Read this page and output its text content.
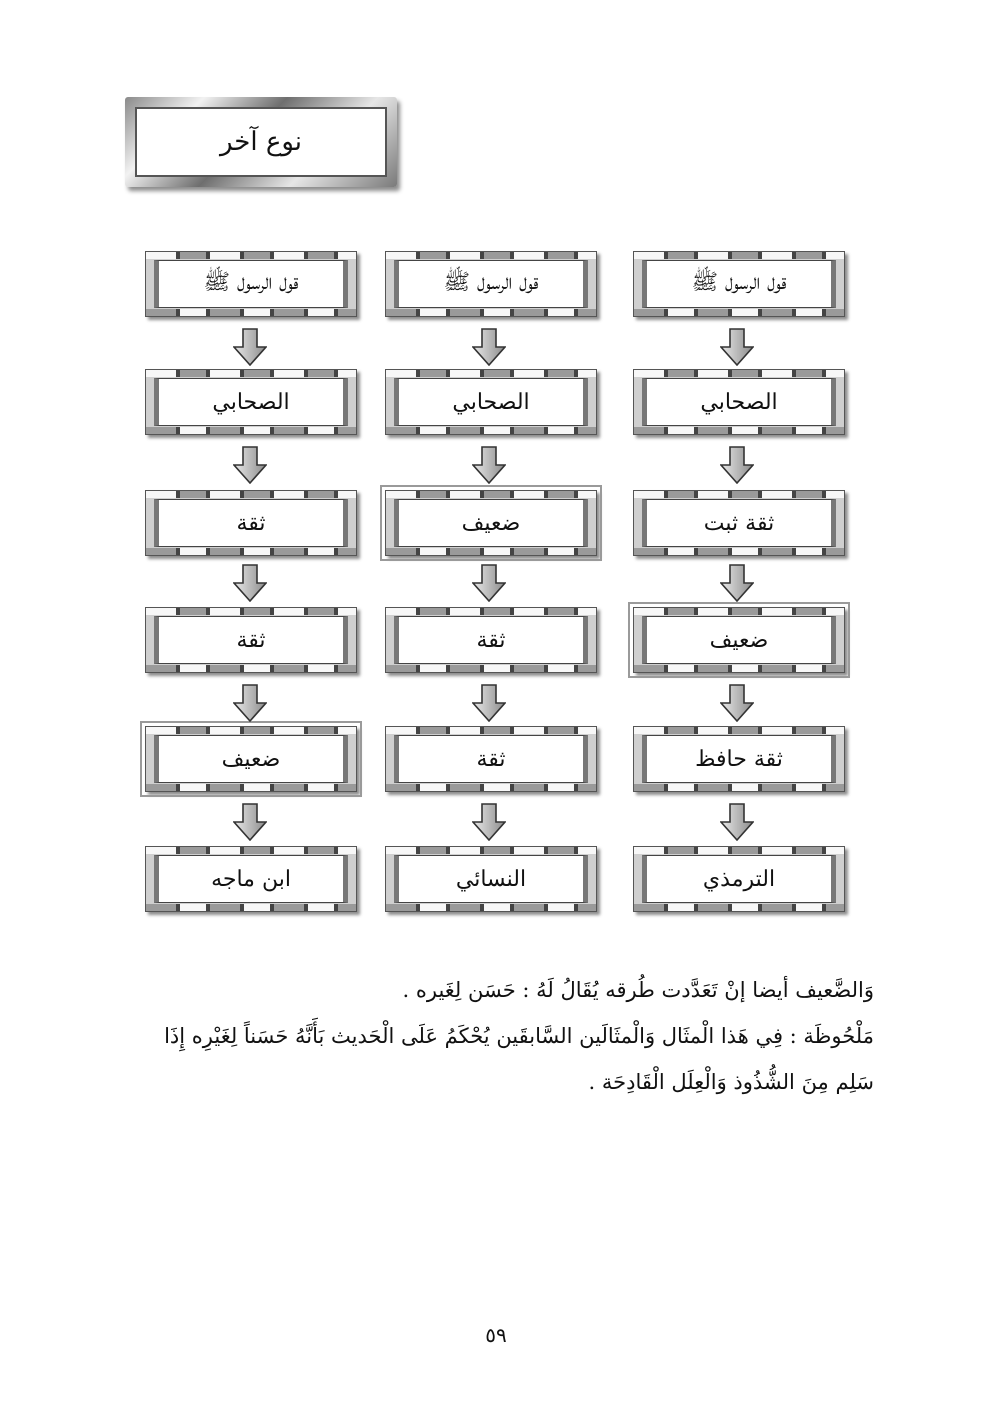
نوع آخر
قول الرسول ﷺ
الصحابي
ثقة
ثقة
ضعيف
ابن ماجه
قول الرسول ﷺ
الصحابي
ضعيف
ثقة
ثقة
النسائي
قول الرسول ﷺ
الصحابي
ثقة ثبت
ضعيف
ثقة حافظ
الترمذي
وَالضَّعيف أيضا إنْ تَعَدَّدت طُرقه يُقَالُ لَهُ : حَسَن لِغَيره .
مَلْحُوظَة : فِي هَذا الْمثَال وَالْمثَالَين السَّابقَين يُحْكَمُ عَلَى الْحَديث بَأَنَّهُ حَسَناً لِغَيْرِه إِذَا
سَلِم مِنَ الشُّذُوذ وَالْعِلَل الْقَادِحَة .
٥٩
